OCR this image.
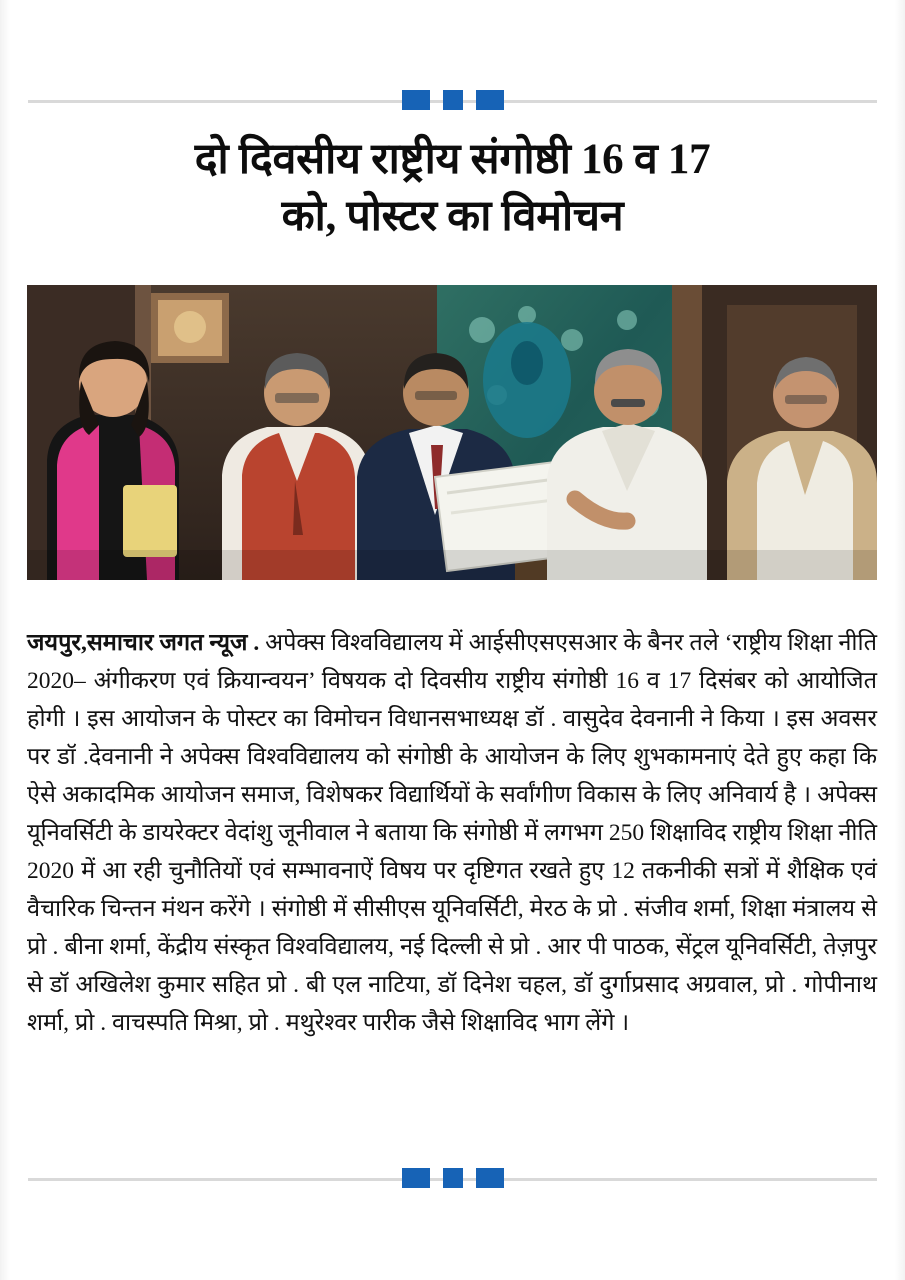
दो दिवसीय राष्ट्रीय संगोष्ठी 16 व 17
को, पोस्टर का विमोचन

जयपुर,समाचार जगत न्यूज . अपेक्स विश्वविद्यालय में आईसीएसएसआर के बैनर तले ‘राष्ट्रीय शिक्षा नीति 2020– अंगीकरण एवं क्रियान्वयन’ विषयक दो दिवसीय राष्ट्रीय संगोष्ठी 16 व 17 दिसंबर को आयोजित होगी । इस आयोजन के पोस्टर का विमोचन विधानसभाध्यक्ष डॉ . वासुदेव देवनानी ने किया । इस अवसर पर डॉ .देवनानी ने अपेक्स विश्वविद्यालय को संगोष्ठी के आयोजन के लिए शुभकामनाएं देते हुए कहा कि ऐसे अकादमिक आयोजन समाज, विशेषकर विद्यार्थियों के सर्वांगीण विकास के लिए अनिवार्य है । अपेक्स यूनिवर्सिटी के डायरेक्टर वेदांशु जूनीवाल ने बताया कि संगोष्ठी में लगभग 250 शिक्षाविद राष्ट्रीय शिक्षा नीति 2020 में आ रही चुनौतियों एवं सम्भावनाऐं विषय पर दृष्टिगत रखते हुए 12 तकनीकी सत्रों में शैक्षिक एवं वैचारिक चिन्तन मंथन करेंगे । संगोष्ठी में सीसीएस यूनिवर्सिटी, मेरठ के प्रो . संजीव शर्मा, शिक्षा मंत्रालय से प्रो . बीना शर्मा, केंद्रीय संस्कृत विश्वविद्यालय, नई दिल्ली से प्रो . आर पी पाठक, सेंट्रल यूनिवर्सिटी, तेज़पुर से डॉ अखिलेश कुमार सहित प्रो . बी एल नाटिया, डॉ दिनेश चहल, डॉ दुर्गाप्रसाद अग्रवाल, प्रो . गोपीनाथ शर्मा, प्रो . वाचस्पति मिश्रा, प्रो . मथुरेश्वर पारीक जैसे शिक्षाविद भाग लेंगे ।
